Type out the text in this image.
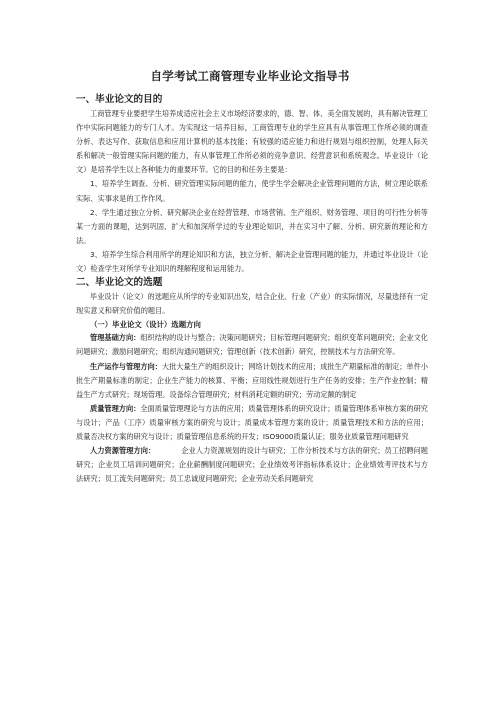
自学考试工商管理专业毕业论文指导书

一、毕业论文的目的

工商管理专业要把学生培养成适应社会主义市场经济要求的，德、智、体、美全面发展的，具有解决管理工作中实际问题能力的专门人才。为实现这一培养目标，工商管理专业的学生应具有从事管理工作所必须的调查分析、表达写作、获取信息和应用计算机的基本技能；有较强的适应能力和进行规划与组织控制，处理人际关系和解决一般管理实际问题的能力，有从事管理工作所必须的竞争意识、经营意识和系统观念。毕业设计（论文）是培养学生以上各种能力的重要环节。它的目的和任务主要是：

1、培养学生调查、分析、研究管理实际问题的能力，使学生学会解决企业管理问题的方法，树立理论联系实际、实事求是的工作作风。

2、学生通过独立分析、研究解决企业在经营管理、市场营销、生产组织、财务管理、项目的可行性分析等某一方面的课题，达到巩固、扩大和加深所学过的专业理论知识，并在实习中了解、分析、研究新的理论和方法。

3、培养学生综合利用所学的理论知识和方法，独立分析、解决企业管理问题的能力，并通过毕业设计（论文）检查学生对所学专业知识的理解程度和运用能力。

二、毕业论文的选题

毕业设计（论文）的选题应从所学的专业知识出发，结合企业、行业（产业）的实际情况，尽量选择有一定现实意义和研究价值的题目。

（一）毕业论文（设计）选题方向

管理基础方向：组织结构的设计与整合；决策问题研究；目标管理问题研究；组织变革问题研究；企业文化问题研究；激励问题研究；组织沟通问题研究；管理创新（技术创新）研究，控制技术与方法研究等。

生产运作与管理方向：大批大量生产的组织设计；网络计划技术的应用；成批生产期量标准的制定；单件小批生产期量标准的制定；企业生产能力的核算、平衡；应用线性规划进行生产任务的安排；生产作业控制；精益生产方式研究；现场管理。设备综合管理研究；材料消耗定额的研究；劳动定额的制定

质量管理方向：全面质量管理理论与方法的应用；质量管理体系的研究设计；质量管理体系审核方案的研究与设计；产品（工序）质量审核方案的研究与设计；质量成本管理方案的设计；质量管理技术和方法的应用；质量否决权方案的研究与设计；质量管理信息系统的开发；ISO9000质量认证；服务业质量管理问题研究

人力资源管理方向：	企业人力资源规划的设计与研究；工作分析技术与方法的研究；员工招聘问题研究；企业员工培训问题研究；企业薪酬制度问题研究；企业绩效考评指标体系设计；企业绩效考评技术与方法研究；员工流失问题研究；员工忠诚度问题研究；企业劳动关系问题研究
